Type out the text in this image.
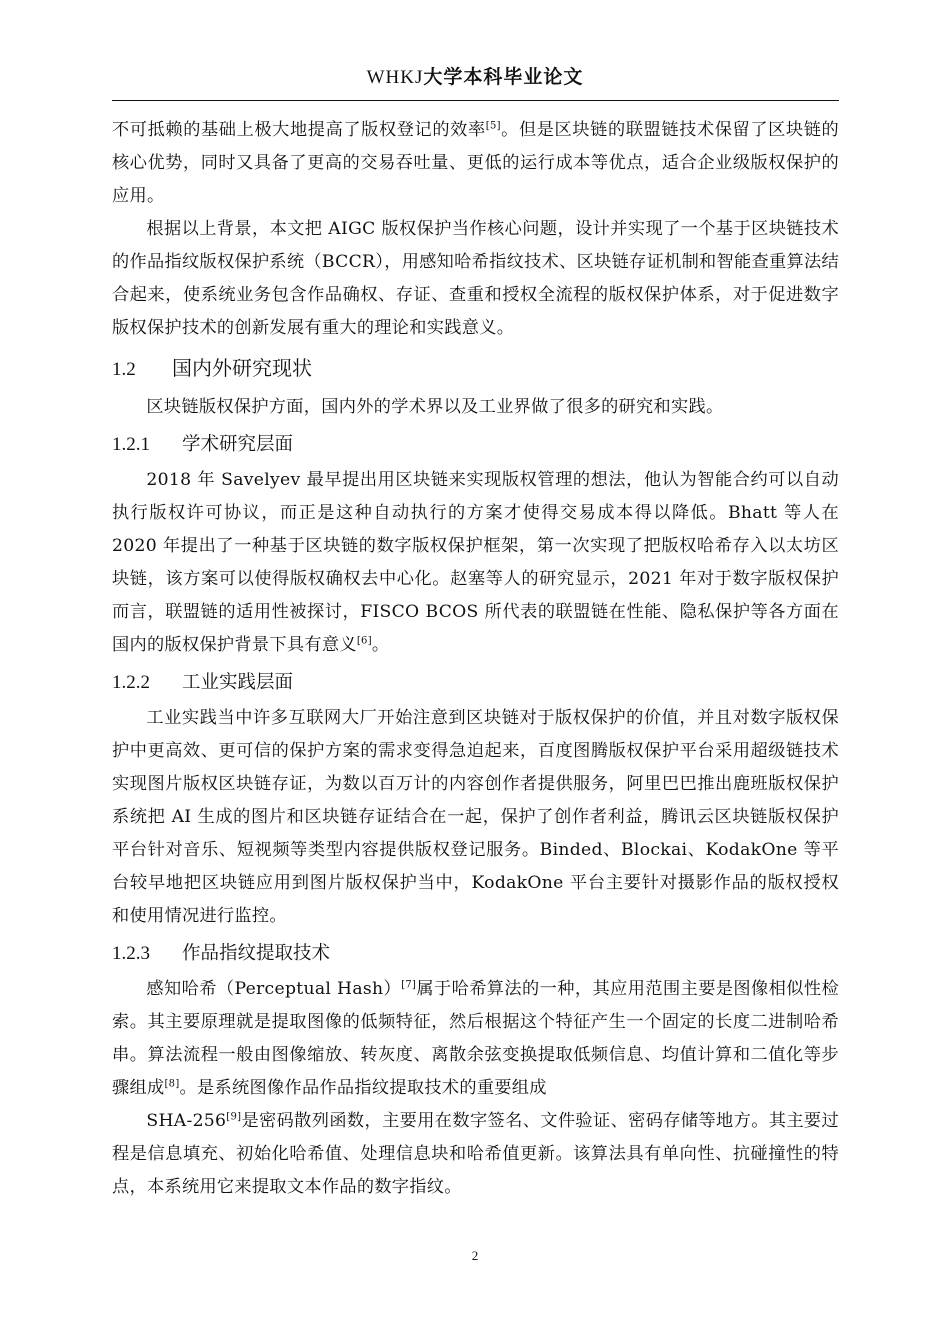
WHKJ大学本科毕业论文

不可抵赖的基础上极大地提高了版权登记的效率[5]。但是区块链的联盟链技术保留了区块链的核心优势，同时又具备了更高的交易吞吐量、更低的运行成本等优点，适合企业级版权保护的应用。

根据以上背景，本文把 AIGC 版权保护当作核心问题，设计并实现了一个基于区块链技术的作品指纹版权保护系统（BCCR），用感知哈希指纹技术、区块链存证机制和智能查重算法结合起来，使系统业务包含作品确权、存证、查重和授权全流程的版权保护体系，对于促进数字版权保护技术的创新发展有重大的理论和实践意义。

1.2 国内外研究现状

区块链版权保护方面，国内外的学术界以及工业界做了很多的研究和实践。

1.2.1 学术研究层面

2018 年 Savelyev 最早提出用区块链来实现版权管理的想法，他认为智能合约可以自动执行版权许可协议，而正是这种自动执行的方案才使得交易成本得以降低。Bhatt 等人在 2020 年提出了一种基于区块链的数字版权保护框架，第一次实现了把版权哈希存入以太坊区块链，该方案可以使得版权确权去中心化。赵塞等人的研究显示，2021 年对于数字版权保护而言，联盟链的适用性被探讨，FISCO BCOS 所代表的联盟链在性能、隐私保护等各方面在国内的版权保护背景下具有意义[6]。

1.2.2 工业实践层面

工业实践当中许多互联网大厂开始注意到区块链对于版权保护的价值，并且对数字版权保护中更高效、更可信的保护方案的需求变得急迫起来，百度图腾版权保护平台采用超级链技术实现图片版权区块链存证，为数以百万计的内容创作者提供服务，阿里巴巴推出鹿班版权保护系统把 AI 生成的图片和区块链存证结合在一起，保护了创作者利益，腾讯云区块链版权保护平台针对音乐、短视频等类型内容提供版权登记服务。Binded、Blockai、KodakOne 等平台较早地把区块链应用到图片版权保护当中，KodakOne 平台主要针对摄影作品的版权授权和使用情况进行监控。

1.2.3 作品指纹提取技术

感知哈希（Perceptual Hash）[7]属于哈希算法的一种，其应用范围主要是图像相似性检索。其主要原理就是提取图像的低频特征，然后根据这个特征产生一个固定的长度二进制哈希串。算法流程一般由图像缩放、转灰度、离散余弦变换提取低频信息、均值计算和二值化等步骤组成[8]。是系统图像作品作品指纹提取技术的重要组成

SHA-256[9]是密码散列函数，主要用在数字签名、文件验证、密码存储等地方。其主要过程是信息填充、初始化哈希值、处理信息块和哈希值更新。该算法具有单向性、抗碰撞性的特点，本系统用它来提取文本作品的数字指纹。

2
